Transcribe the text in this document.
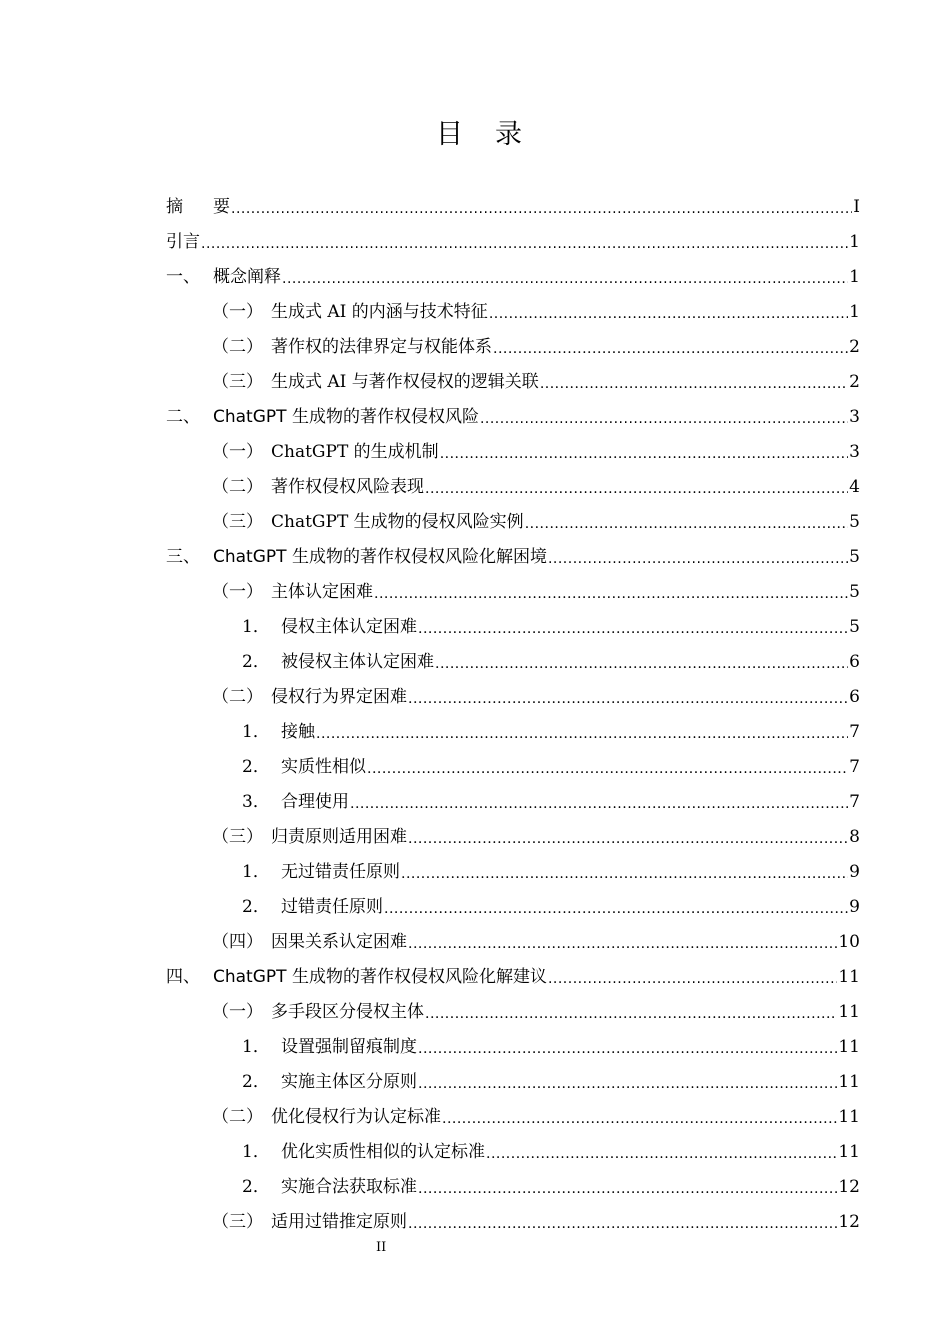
目录
摘	要 .....	I
引言 .....	1
一、 概念阐释 .....	1
（一） 生成式 AI 的内涵与技术特征 .....	1
（二） 著作权的法律界定与权能体系 .....	2
（三） 生成式 AI 与著作权侵权的逻辑关联 .....	2
二、 ChatGPT 生成物的著作权侵权风险 .....	3
（一） ChatGPT 的生成机制 .....	3
（二） 著作权侵权风险表现 .....	4
（三） ChatGPT 生成物的侵权风险实例 .....	5
三、 ChatGPT 生成物的著作权侵权风险化解困境 .....	5
（一） 主体认定困难 .....	5
1． 侵权主体认定困难 .....	5
2． 被侵权主体认定困难 .....	6
（二） 侵权行为界定困难 .....	6
1． 接触 .....	7
2． 实质性相似 .....	7
3． 合理使用 .....	7
（三） 归责原则适用困难 .....	8
1． 无过错责任原则 .....	9
2． 过错责任原则 .....	9
（四） 因果关系认定困难 .....	10
四、 ChatGPT 生成物的著作权侵权风险化解建议 .....	11
（一） 多手段区分侵权主体 .....	11
1． 设置强制留痕制度 .....	11
2． 实施主体区分原则 .....	11
（二） 优化侵权行为认定标准 .....	11
1． 优化实质性相似的认定标准 .....	11
2． 实施合法获取标准 .....	12
（三） 适用过错推定原则 .....	12
II
